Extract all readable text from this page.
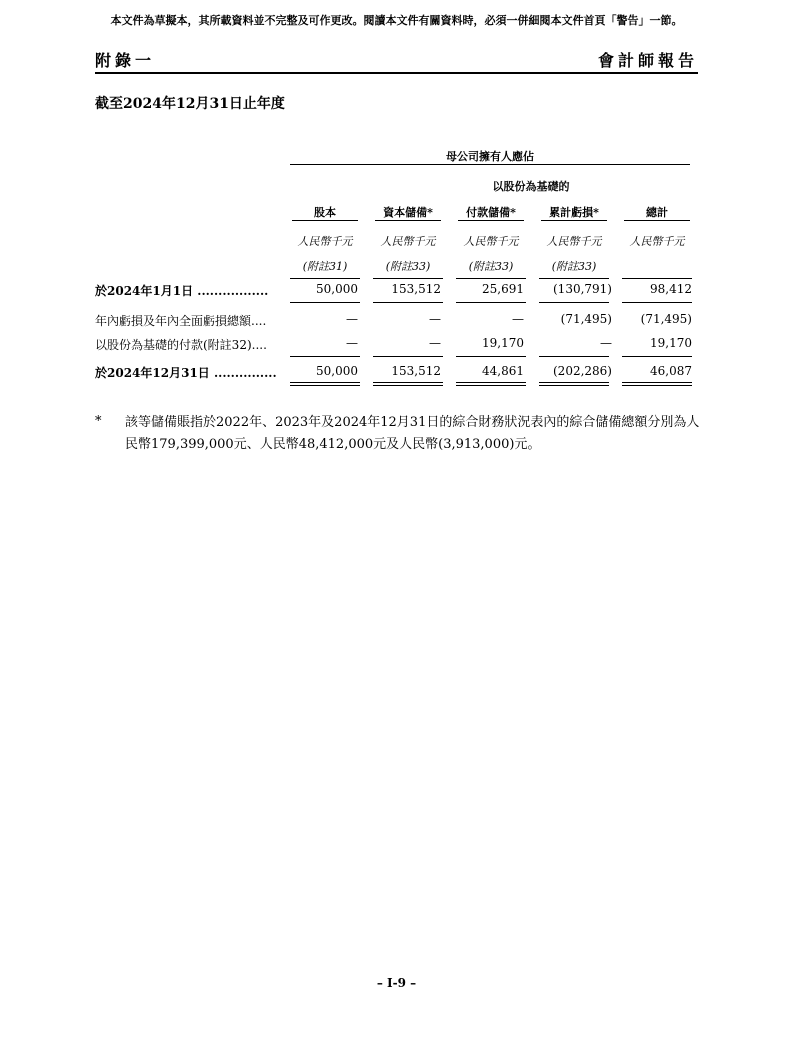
本文件為草擬本，其所載資料並不完整及可作更改。閱讀本文件有關資料時，必須一併細閱本文件首頁「警告」一節。
附錄一	會計師報告
截至2024年12月31日止年度
母公司擁有人應佔
以股份為基礎的
股本	資本儲備*	付款儲備*	累計虧損*	總計
人民幣千元	人民幣千元	人民幣千元	人民幣千元	人民幣千元
(附註31)	(附註33)	(附註33)	(附註33)
於2024年1月1日 .................	50,000	153,512	25,691	(130,791)	98,412
年內虧損及年內全面虧損總額....	—	—	—	(71,495)	(71,495)
以股份為基礎的付款(附註32)....	—	—	19,170	—	19,170
於2024年12月31日 ...............	50,000	153,512	44,861	(202,286)	46,087
* 該等儲備賬指於2022年、2023年及2024年12月31日的綜合財務狀況表內的綜合儲備總額分別為人民幣179,399,000元、人民幣48,412,000元及人民幣(3,913,000)元。
– I-9 –
